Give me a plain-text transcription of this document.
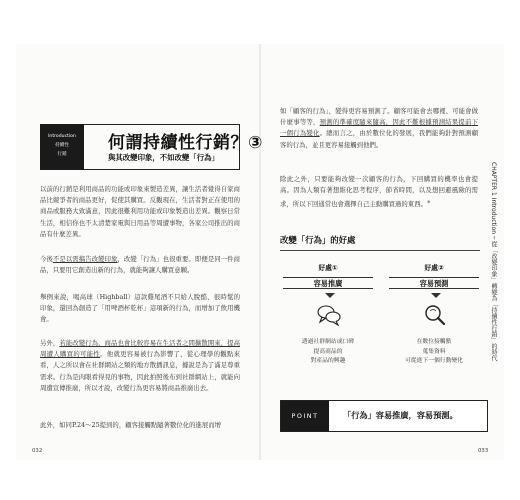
Introduction
持續性
行銷
何謂持續性行銷？③
與其改變印象，不如改變「行為」

以前的行銷是利用商品的功能或印象來製造差異，讓生活者覺得自家商品比競爭者的商品更好，促使其購買。反觀現在，生活者對正在使用的商品或服務大致滿意，因此很難利用功能或印象製造出差異。觀察日常生活，相信你也不太清楚家電與日用品等周遭事物，各家公司推出的商品有什麼差異。

今後不是以需搞告改變印象，改變「行為」也很重要。即便是同一件商品，只要用它創造出新的行為，就能夠讓人購買意願。

舉例來說，喝高球（Highball）這款雞尾酒不只給人脫酷、很時髦的印象，還回為創造了「用啤酒杯乾杯」這項新的行為，而增加了飲用機會。

另外，若能改變行為，商品也會比較容易在生活者之間擴散開來，提高周遭人購買的可能性。他就更容易被行為影響了，從心理學的觀點來看，人之所以會在社群網站之類的地方散播訊息，據說是為了滿足尊重需求。行為是肉眼看得見的事物，因此拍照後布到社群網站上，就能向周遭宣傳推廣，所以才說，改變行為更容易將商品推廣出去。

此外，如同P.24～25提到的，顧客接觸點隨著數位化的進展而增

032

如「顧客的行為」，變得更容易預測了。顧客可能會去哪裡、可能會做什麼事等等，預測的準確度隨來隨高，因此不難根據預測結果提前下一個行為變化。總而言之，由於數位化的發展，我們能夠針對預測顧客的行為，並且更容易接觸到他們。

除此之外，只要能夠改變一次顧客的行為，下回購買的機率也會提高。因為人類有著想維化思考程序，節省時間，以及想回避風險的需求，所以下回通常也會選擇自己主動購買過的東西。※

改變「行為」的好處
好處①
容易推廣
透過社群網站或口碑
提高商品的
對產品的興趣
好處②
容易預測
在數位接觸點
蒐集資料
可從進下一個行動變化
POINT	「行為」容易推廣，容易預測。
CHAPTER 1 Introduction ─ 從「改變印象」轉變為「持續性行銷」的時代
033
